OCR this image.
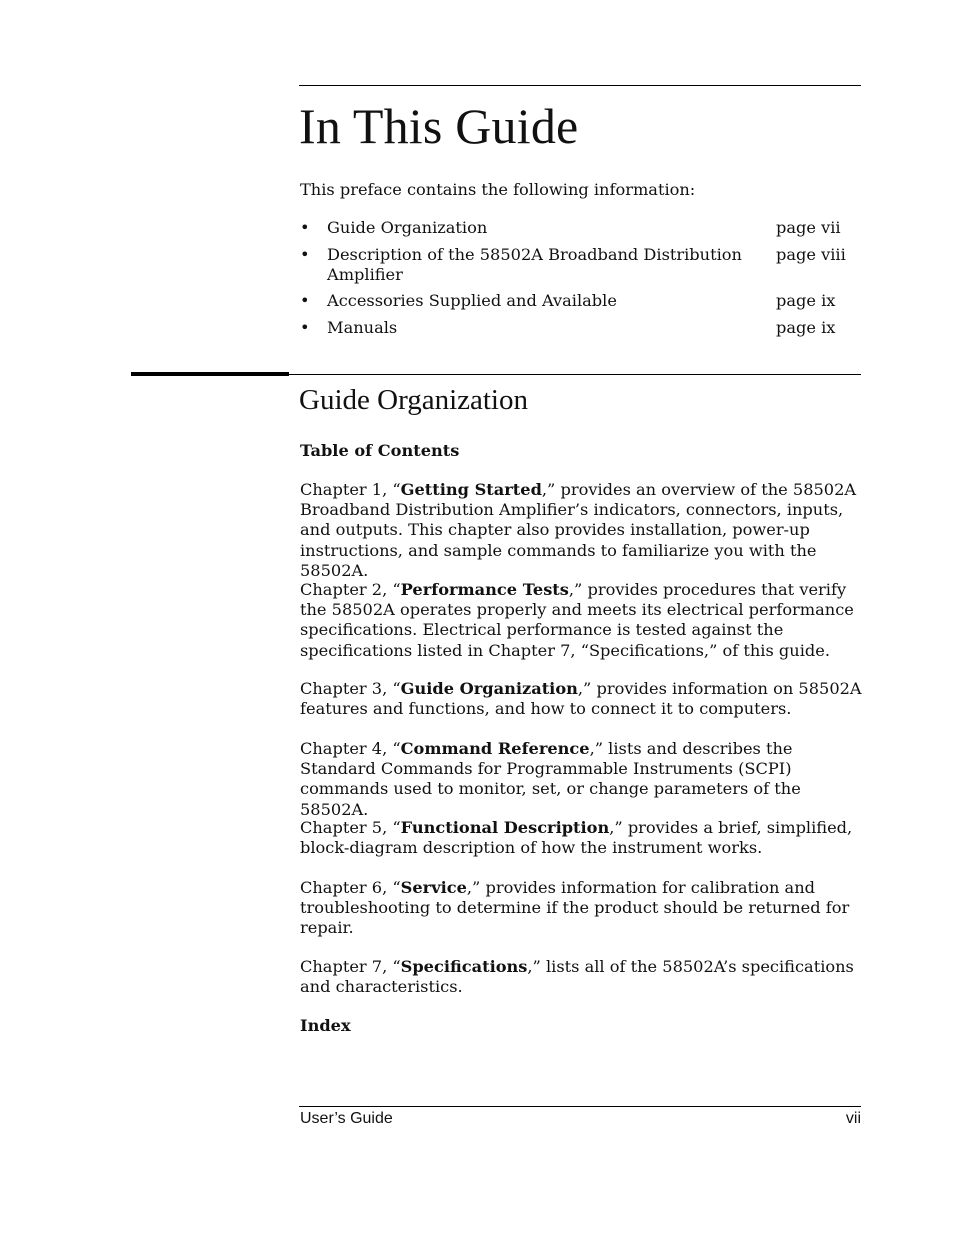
In This Guide
This preface contains the following information:
• Guide Organization	page vii
• Description of the 58502A Broadband Distribution Amplifier
page viii
• Accessories Supplied and Available	page ix
• Manuals	page ix
Guide Organization
Table of Contents

Chapter 1, “Getting Started,” provides an overview of the 58502A Broadband Distribution Amplifier’s indicators, connectors, inputs, and outputs. This chapter also provides installation, power-up instructions, and sample commands to familiarize you with the 58502A.

Chapter 2, “Performance Tests,” provides procedures that verify the 58502A operates properly and meets its electrical performance specifications. Electrical performance is tested against the specifications listed in Chapter 7, “Specifications,” of this guide.

Chapter 3, “Guide Organization,” provides information on 58502A features and functions, and how to connect it to computers.

Chapter 4, “Command Reference,” lists and describes the Standard Commands for Programmable Instruments (SCPI) commands used to monitor, set, or change parameters of the 58502A.

Chapter 5, “Functional Description,” provides a brief, simplified, block-diagram description of how the instrument works.

Chapter 6, “Service,” provides information for calibration and troubleshooting to determine if the product should be returned for repair.

Chapter 7, “Specifications,” lists all of the 58502A’s specifications and characteristics.

Index
User’s Guide	vii
